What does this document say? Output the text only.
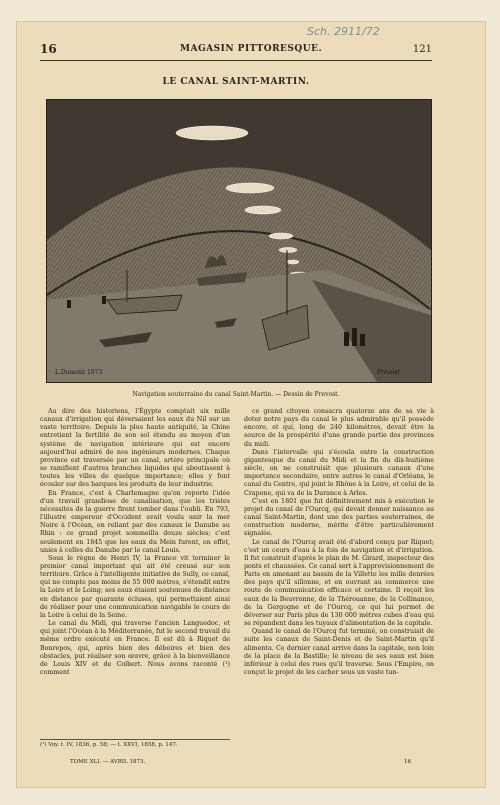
16	MAGASIN PITTORESQUE.	121
Sch. 2911/72
LE CANAL SAINT-MARTIN.
L.Dumont 1873	Prévost
Navigation souterraine du canal Saint-Martin. — Dessin de Prevost.

Au dire des historiens, l'Égypte comptait six mille canaux d'irrigation qui déversaient les eaux du Nil sur un vaste territoire. Depuis la plus haute antiquité, la Chine entretient la fertilité de son sol étendu au moyen d'un système de navigation intérieure qui est encore aujourd'hui admiré de nos ingénieurs modernes. Chaque province est traversée par un canal, artère principale où se ramifient d'autres branches liquides qui aboutissent à toutes les villes de quelque importance; elles y font écouler sur des barques les produits de leur industrie.

En France, c'est à Charlemagne qu'on reporte l'idée d'un travail grandiose de canalisation, que les tristes nécessités de la guerre firent tomber dans l'oubli. En 793, l'illustre empereur d'Occident avait voulu unir la mer Noire à l'Océan, en reliant par des canaux le Danube au Rhin : ce grand projet sommeilla douze siècles; c'est seulement en 1845 que les eaux du Mein furent, en effet, unies à celles du Danube par le canal Louis.

Sous le règne de Henri IV, la France vit terminer le premier canal important qui ait été creusé sur son territoire. Grâce à l'intelligente initiative de Sully, ce canal, qui ne compte pas moins de 55 000 mètres, s'étendit entre la Loire et le Loing; ses eaux étaient soutenues de distance en distance par quarante écluses, qui permettaient ainsi de réaliser pour une communication navigable le cours de la Loire à celui de la Seine.

Le canal du Midi, qui traverse l'ancien Languedoc, et qui joint l'Océan à la Méditerranée, fut le second travail du même ordre exécuté en France. Il est dû à Riquet de Bonrepos, qui, après bien des déboires et bien des obstacles, put réaliser son œuvre, grâce à la bienveillance de Louis XIV et de Colbert. Nous avons raconté (¹) comment

ce grand citoyen consacra quatorze ans de sa vie à doter notre pays du canal le plus admirable qu'il possède encore, et qui, long de 240 kilomètres, devait être la source de la prospérité d'une grande partie des provinces du midi.

Dans l'intervalle qui s'écoula entre la construction gigantesque du canal du Midi et la fin du dix-huitième siècle, on ne construisit que plusieurs canaux d'une importance secondaire, entre autres le canal d'Orléans, le canal du Centre, qui joint le Rhône à la Loire, et celui de la Crapone, qui va de la Durance à Arles.

C'est en 1801 que fut définitivement mis à exécution le projet du canal de l'Ourcq, qui devait donner naissance au canal Saint-Martin, dont une des parties souterraines, de construction moderne, mérite d'être particulièrement signalée.

Le canal de l'Ourcq avait été d'abord conçu par Riquet; c'est un cours d'eau à la fois de navigation et d'irrigation. Il fut construit d'après le plan de M. Girard, inspecteur des ponts et chaussées. Ce canal sert à l'approvisionnement de Paris en amenant au bassin de la Villette les mille denrées des pays qu'il sillonne, et en ouvrant au commerce une route de communication efficace et certaine. Il reçoit les eaux de la Beuvronne, de la Thérouanne, de la Collinance, de la Gergogne et de l'Ourcq, ce qui lui permet de déverser sur Paris plus de 130 000 mètres cubes d'eau qui se répandent dans les tuyaux d'alimentation de la capitale.

Quand le canal de l'Ourcq fut terminé, on construisit de suite les canaux de Saint-Denis et de Saint-Martin qu'il alimenta. Ce dernier canal arrive dans la capitale, non loin de la place de la Bastille; le niveau de ses eaux est bien inférieur à celui des rues qu'il traverse. Sous l'Empire, on conçut le projet de les cacher sous un vaste tun-

(¹) Voy. t. IV, 1836, p. 58; — t. XXVI, 1858, p. 147.
TOME XLI. — AVRIL 1873.	16
